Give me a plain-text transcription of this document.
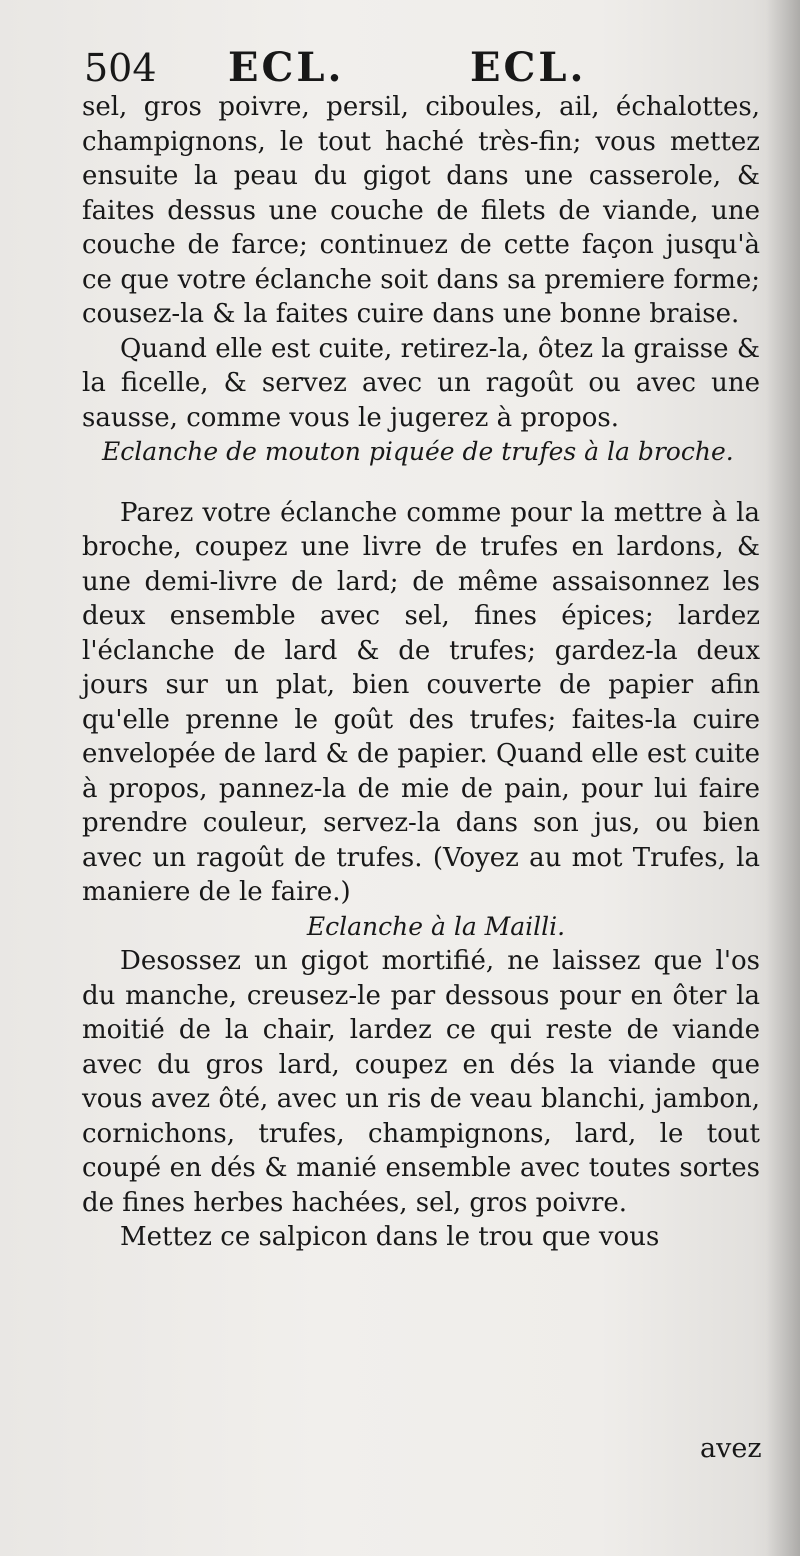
504 ECL.	ECL.

sel, gros poivre, persil, ciboules, ail, échalottes, champignons, le tout haché très-fin; vous mettez ensuite la peau du gigot dans une casserole, & faites dessus une couche de filets de viande, une couche de farce; continuez de cette façon jusqu'à ce que votre éclanche soit dans sa premiere forme; cousez-la & la faites cuire dans une bonne braise.

Quand elle est cuite, retirez-la, ôtez la graisse & la ficelle, & servez avec un ragoût ou avec une sausse, comme vous le jugerez à propos.

Eclanche de mouton piquée de trufes à la broche.

Parez votre éclanche comme pour la mettre à la broche, coupez une livre de trufes en lardons, & une demi-livre de lard; de même assaisonnez les deux ensemble avec sel, fines épices; lardez l'éclanche de lard & de trufes; gardez-la deux jours sur un plat, bien couverte de papier afin qu'elle prenne le goût des trufes; faites-la cuire envelopée de lard & de papier. Quand elle est cuite à propos, pannez-la de mie de pain, pour lui faire prendre couleur, servez-la dans son jus, ou bien avec un ragoût de trufes. (Voyez au mot Trufes, la maniere de le faire.)

Eclanche à la Mailli.

Desossez un gigot mortifié, ne laissez que l'os du manche, creusez-le par dessous pour en ôter la moitié de la chair, lardez ce qui reste de viande avec du gros lard, coupez en dés la viande que vous avez ôté, avec un ris de veau blanchi, jambon, cornichons, trufes, champignons, lard, le tout coupé en dés & manié ensemble avec toutes sortes de fines herbes hachées, sel, gros poivre.

Mettez ce salpicon dans le trou que vous

avez
